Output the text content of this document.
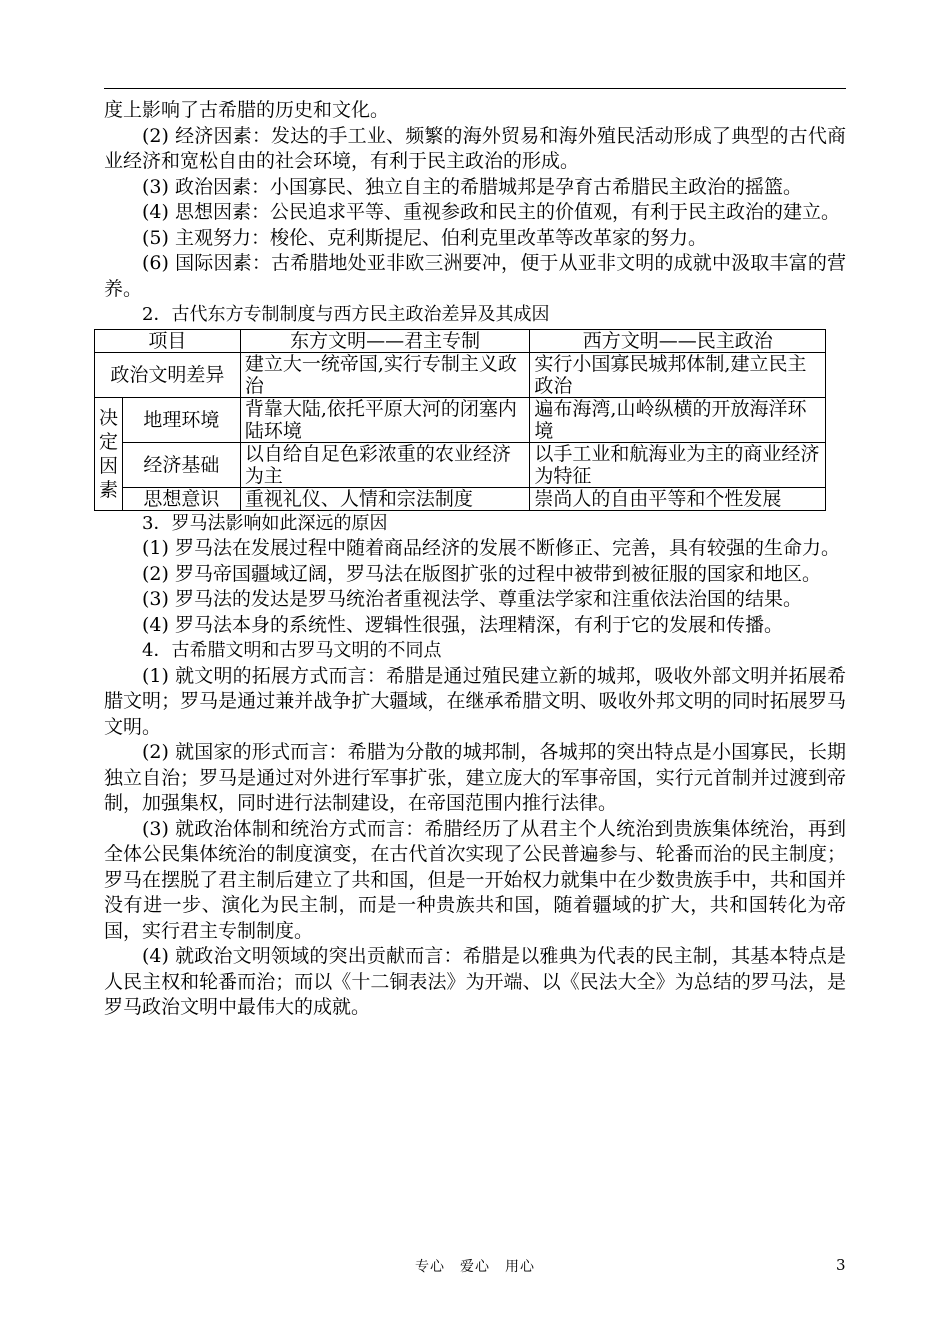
度上影响了古希腊的历史和文化。

(2) 经济因素：发达的手工业、频繁的海外贸易和海外殖民活动形成了典型的古代商业经济和宽松自由的社会环境，有利于民主政治的形成。

(3) 政治因素：小国寡民、独立自主的希腊城邦是孕育古希腊民主政治的摇篮。

(4) 思想因素：公民追求平等、重视参政和民主的价值观，有利于民主政治的建立。

(5) 主观努力：梭伦、克利斯提尼、伯利克里改革等改革家的努力。

(6) 国际因素：古希腊地处亚非欧三洲要冲，便于从亚非文明的成就中汲取丰富的营养。

2．古代东方专制制度与西方民主政治差异及其成因

项目		东方文明——君主专制	西方文明——民主政治
政治文明差异		建立大一统帝国,实行专制主义政治	实行小国寡民城邦体制,建立民主政治
决定因素	地理环境	背靠大陆,依托平原大河的闭塞内陆环境	遍布海湾,山岭纵横的开放海洋环境
	经济基础	以自给自足色彩浓重的农业经济为主	以手工业和航海业为主的商业经济为特征
	思想意识	重视礼仪、人情和宗法制度	崇尚人的自由平等和个性发展

3．罗马法影响如此深远的原因

(1) 罗马法在发展过程中随着商品经济的发展不断修正、完善，具有较强的生命力。

(2) 罗马帝国疆域辽阔，罗马法在版图扩张的过程中被带到被征服的国家和地区。

(3) 罗马法的发达是罗马统治者重视法学、尊重法学家和注重依法治国的结果。

(4) 罗马法本身的系统性、逻辑性很强，法理精深，有利于它的发展和传播。

4．古希腊文明和古罗马文明的不同点

(1) 就文明的拓展方式而言：希腊是通过殖民建立新的城邦，吸收外部文明并拓展希腊文明；罗马是通过兼并战争扩大疆域，在继承希腊文明、吸收外邦文明的同时拓展罗马文明。

(2) 就国家的形式而言：希腊为分散的城邦制，各城邦的突出特点是小国寡民，长期独立自治；罗马是通过对外进行军事扩张，建立庞大的军事帝国，实行元首制并过渡到帝制，加强集权，同时进行法制建设，在帝国范围内推行法律。

(3) 就政治体制和统治方式而言：希腊经历了从君主个人统治到贵族集体统治，再到全体公民集体统治的制度演变，在古代首次实现了公民普遍参与、轮番而治的民主制度；罗马在摆脱了君主制后建立了共和国，但是一开始权力就集中在少数贵族手中，共和国并没有进一步、演化为民主制，而是一种贵族共和国，随着疆域的扩大，共和国转化为帝国，实行君主专制制度。

(4) 就政治文明领域的突出贡献而言：希腊是以雅典为代表的民主制，其基本特点是人民主权和轮番而治；而以《十二铜表法》为开端、以《民法大全》为总结的罗马法，是罗马政治文明中最伟大的成就。

专心　爱心　用心	3
